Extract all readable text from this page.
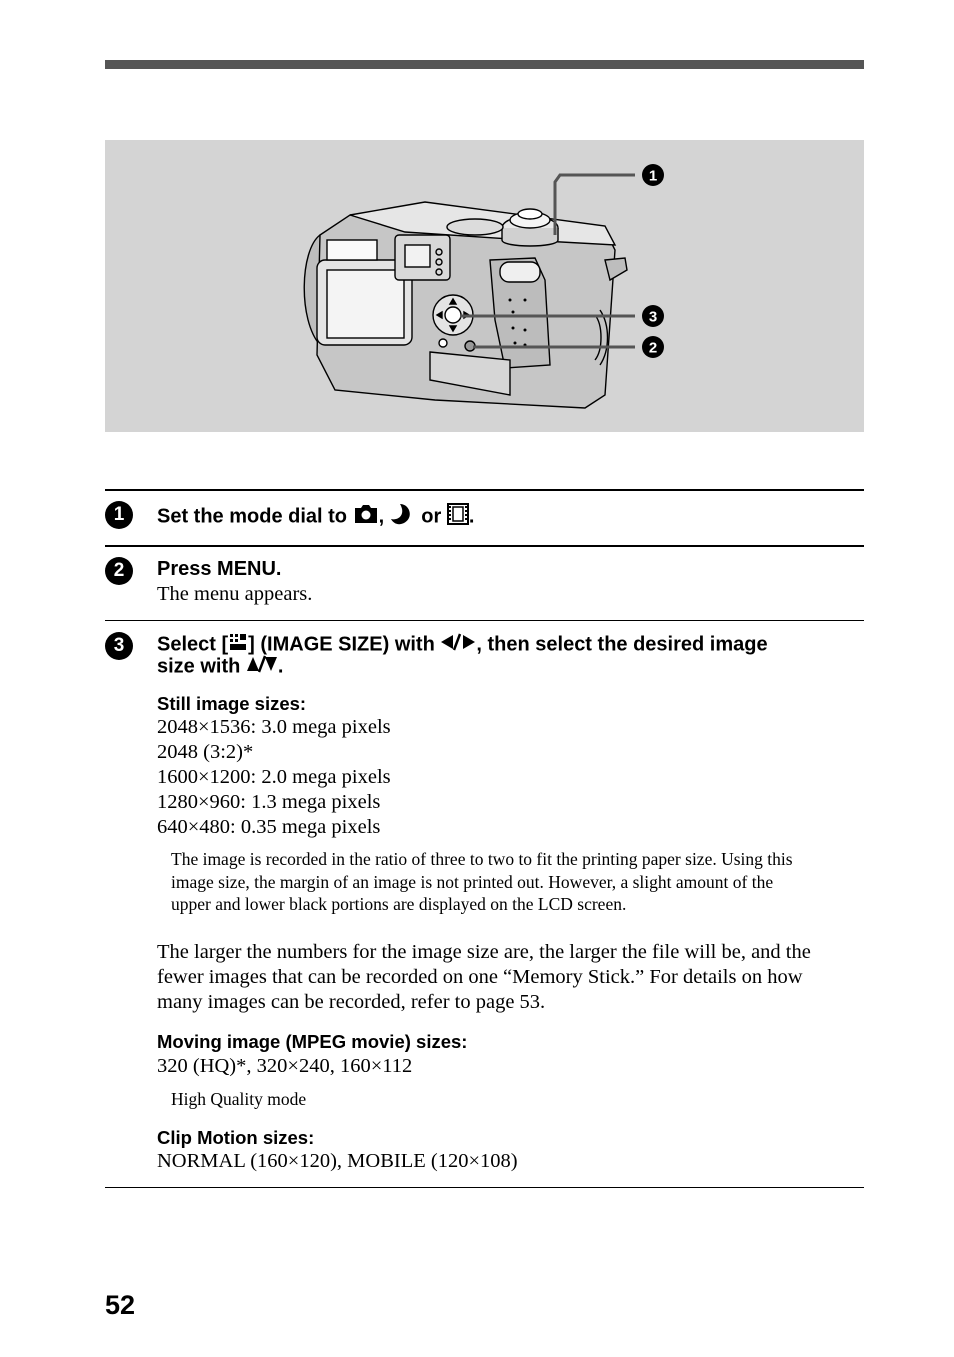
1
3
2
1	Set the mode dial to , or .
2	Press MENU.
The menu appears.
3	Select [ ] (IMAGE SIZE) with , then select the desired image
size with .
Still image sizes:
2048×1536: 3.0 mega pixels
2048 (3:2)*
1600×1200: 2.0 mega pixels
1280×960: 1.3 mega pixels
640×480: 0.35 mega pixels
The image is recorded in the ratio of three to two to fit the printing paper size. Using this
image size, the margin of an image is not printed out. However, a slight amount of the
upper and lower black portions are displayed on the LCD screen.
The larger the numbers for the image size are, the larger the file will be, and the
fewer images that can be recorded on one “Memory Stick.” For details on how
many images can be recorded, refer to page 53.
Moving image (MPEG movie) sizes:
320 (HQ)*, 320×240, 160×112
High Quality mode
Clip Motion sizes:
NORMAL (160×120), MOBILE (120×108)
52
